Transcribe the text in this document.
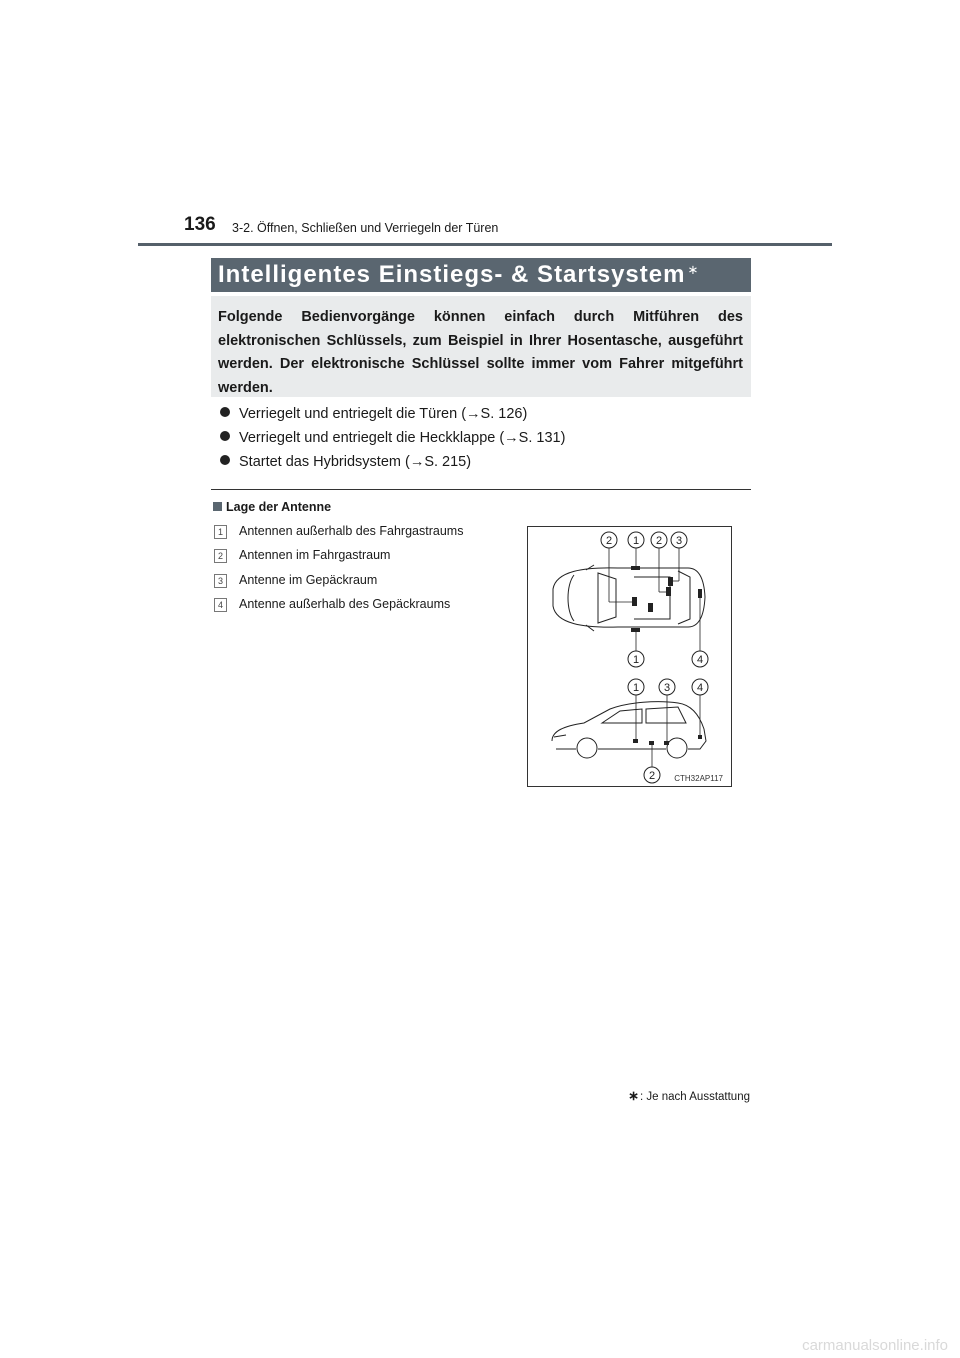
136 3-2. Öffnen, Schließen und Verriegeln der Türen
Intelligentes Einstiegs- & Startsystem ∗
Folgende Bedienvorgänge können einfach durch Mitführen des elektronischen Schlüssels, zum Beispiel in Ihrer Hosentasche, ausgeführt werden. Der elektronische Schlüssel sollte immer vom Fahrer mitgeführt werden.
Verriegelt und entriegelt die Türen (→S. 126)
Verriegelt und entriegelt die Heckklappe (→S. 131)
Startet das Hybridsystem (→S. 215)
Lage der Antenne
1 Antennen außerhalb des Fahrgastraums
2 Antennen im Fahrgastraum
3 Antenne im Gepäckraum
4 Antenne außerhalb des Gepäckraums
2 1 2 3
1	4
1 3 4
2 CTH32AP117
∗: Je nach Ausstattung
carmanualsonline.info
